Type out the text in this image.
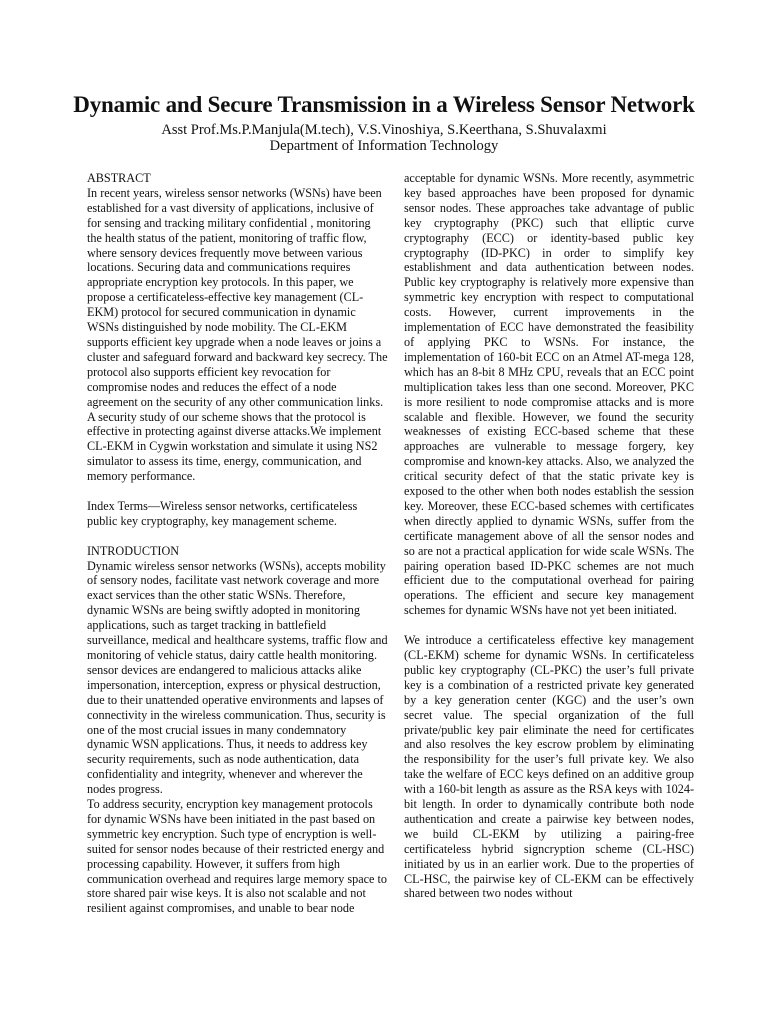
Dynamic and Secure Transmission in a Wireless Sensor Network
Asst Prof.Ms.P.Manjula(M.tech), V.S.Vinoshiya, S.Keerthana, S.Shuvalaxmi
Department of Information Technology

ABSTRACT

In recent years, wireless sensor networks (WSNs) have been established for a vast diversity of applications, inclusive of for sensing and tracking military confidential , monitoring the health status of the patient, monitoring of traffic flow, where sensory devices frequently move between various locations. Securing data and communications requires appropriate encryption key protocols. In this paper, we propose a certificateless-effective key management (CL-EKM) protocol for secured communication in dynamic WSNs distinguished by node mobility. The CL-EKM supports efficient key upgrade when a node leaves or joins a cluster and safeguard forward and backward key secrecy. The protocol also supports efficient key revocation for compromise nodes and reduces the effect of a node agreement on the security of any other communication links. A security study of our scheme shows that the protocol is effective in protecting against diverse attacks.We implement CL-EKM in Cygwin workstation and simulate it using NS2 simulator to assess its time, energy, communication, and memory performance.

Index Terms—Wireless sensor networks, certificateless public key cryptography, key management scheme.

INTRODUCTION

Dynamic wireless sensor networks (WSNs), accepts mobility of sensory nodes, facilitate vast network coverage and more exact services than the other static WSNs. Therefore, dynamic WSNs are being swiftly adopted in monitoring applications, such as target tracking in battlefield surveillance, medical and healthcare systems, traffic flow and monitoring of vehicle status, dairy cattle health monitoring. sensor devices are endangered to malicious attacks alike impersonation, interception, express or physical destruction, due to their unattended operative environments and lapses of connectivity in the wireless communication. Thus, security is one of the most crucial issues in many condemnatory dynamic WSN applications. Thus, it needs to address key security requirements, such as node authentication, data confidentiality and integrity, whenever and wherever the nodes progress.

To address security, encryption key management protocols for dynamic WSNs have been initiated in the past based on symmetric key encryption. Such type of encryption is well-suited for sensor nodes because of their restricted energy and processing capability. However, it suffers from high communication overhead and requires large memory space to store shared pair wise keys. It is also not scalable and not resilient against compromises, and unable to bear node

acceptable for dynamic WSNs. More recently, asymmetric key based approaches have been proposed for dynamic sensor nodes. These approaches take advantage of public key cryptography (PKC) such that elliptic curve cryptography (ECC) or identity-based public key cryptography (ID-PKC) in order to simplify key establishment and data authentication between nodes. Public key cryptography is relatively more expensive than symmetric key encryption with respect to computational costs. However, current improvements in the implementation of ECC have demonstrated the feasibility of applying PKC to WSNs. For instance, the implementation of 160-bit ECC on an Atmel AT-mega 128, which has an 8-bit 8 MHz CPU, reveals that an ECC point multiplication takes less than one second. Moreover, PKC is more resilient to node compromise attacks and is more scalable and flexible. However, we found the security weaknesses of existing ECC-based scheme that these approaches are vulnerable to message forgery, key compromise and known-key attacks. Also, we analyzed the critical security defect of that the static private key is exposed to the other when both nodes establish the session key. Moreover, these ECC-based schemes with certificates when directly applied to dynamic WSNs, suffer from the certificate management above of all the sensor nodes and so are not a practical application for wide scale WSNs. The pairing operation based ID-PKC schemes are not much efficient due to the computational overhead for pairing operations. The efficient and secure key management schemes for dynamic WSNs have not yet been initiated.

We introduce a certificateless effective key management (CL-EKM) scheme for dynamic WSNs. In certificateless public key cryptography (CL-PKC) the user’s full private key is a combination of a restricted private key generated by a key generation center (KGC) and the user’s own secret value. The special organization of the full private/public key pair eliminate the need for certificates and also resolves the key escrow problem by eliminating the responsibility for the user’s full private key. We also take the welfare of ECC keys defined on an additive group with a 160-bit length as assure as the RSA keys with 1024-bit length. In order to dynamically contribute both node authentication and create a pairwise key between nodes, we build CL-EKM by utilizing a pairing-free certificateless hybrid signcryption scheme (CL-HSC) initiated by us in an earlier work. Due to the properties of CL-HSC, the pairwise key of CL-EKM can be effectively shared between two nodes without
